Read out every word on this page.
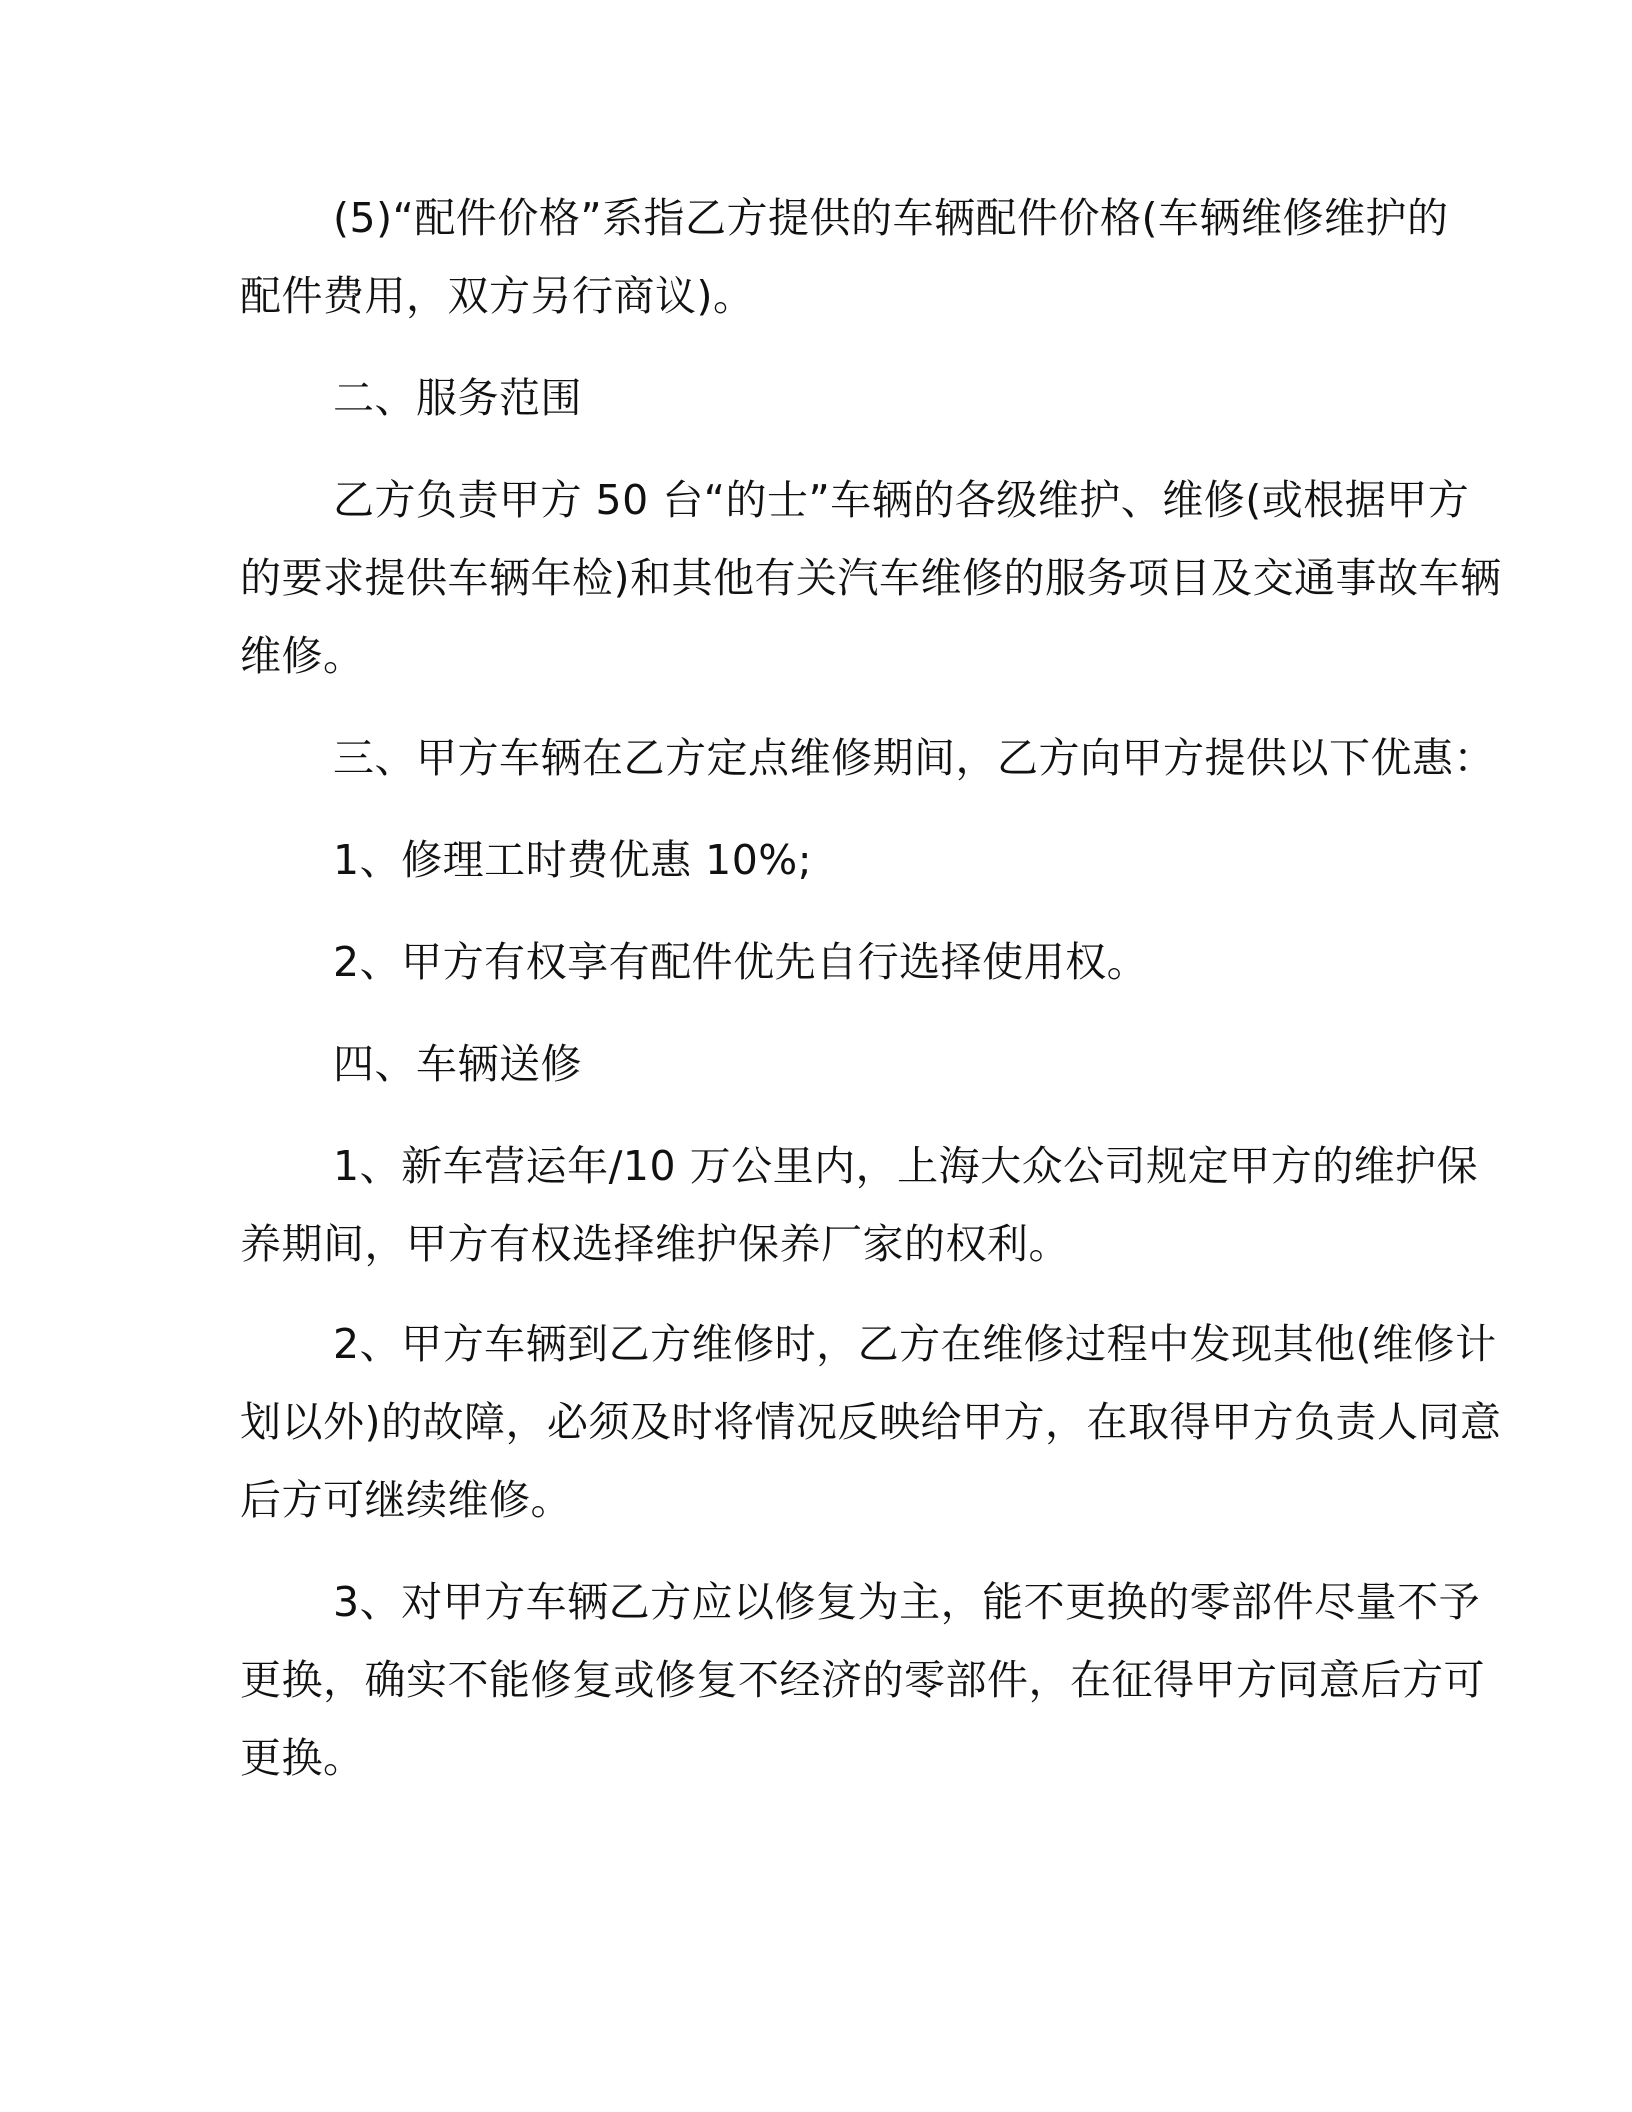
(5)“配件价格”系指乙方提供的车辆配件价格(车辆维修维护的
配件费用，双方另行商议)。
二、服务范围
乙方负责甲方 50 台“的士”车辆的各级维护、维修(或根据甲方
的要求提供车辆年检)和其他有关汽车维修的服务项目及交通事故车辆
维修。
三、甲方车辆在乙方定点维修期间，乙方向甲方提供以下优惠：
1、修理工时费优惠 10%;
2、甲方有权享有配件优先自行选择使用权。
四、车辆送修
1、新车营运年/10 万公里内，上海大众公司规定甲方的维护保
养期间，甲方有权选择维护保养厂家的权利。
2、甲方车辆到乙方维修时，乙方在维修过程中发现其他(维修计
划以外)的故障，必须及时将情况反映给甲方，在取得甲方负责人同意
后方可继续维修。
3、对甲方车辆乙方应以修复为主，能不更换的零部件尽量不予
更换，确实不能修复或修复不经济的零部件，在征得甲方同意后方可
更换。
